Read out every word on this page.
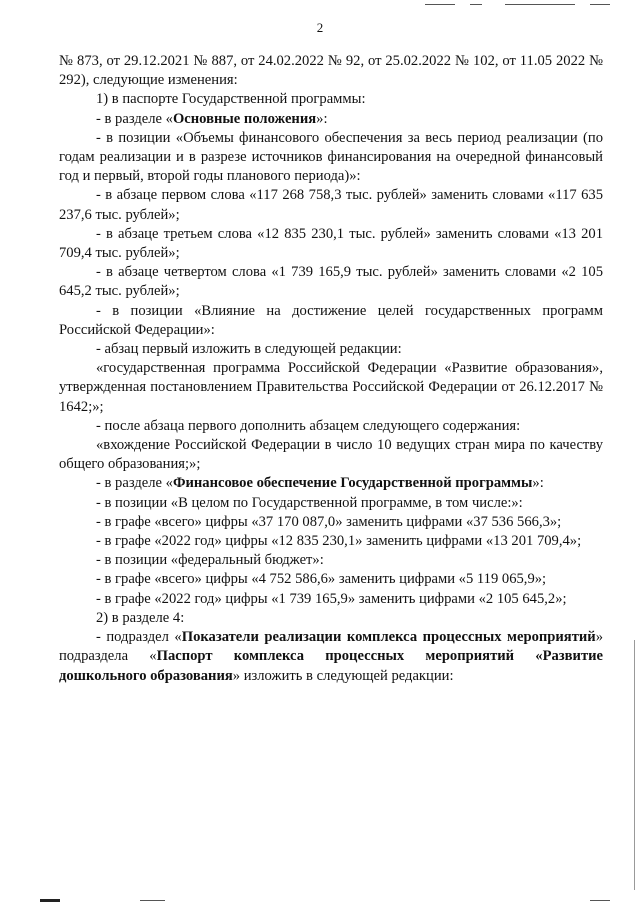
2

№ 873, от 29.12.2021 № 887, от 24.02.2022 № 92, от 25.02.2022 № 102, от 11.05 2022 № 292), следующие изменения:

1) в паспорте Государственной программы:

- в разделе «Основные положения»:

- в позиции «Объемы финансового обеспечения за весь период реализации (по годам реализации и в разрезе источников финансирования на очередной финансовый год и первый, второй годы планового периода)»:

- в абзаце первом слова «117 268 758,3 тыс. рублей» заменить словами «117 635 237,6 тыс. рублей»;

- в абзаце третьем слова «12 835 230,1 тыс. рублей» заменить словами «13 201 709,4 тыс. рублей»;

- в абзаце четвертом слова «1 739 165,9 тыс. рублей» заменить словами «2 105 645,2 тыс. рублей»;

- в позиции «Влияние на достижение целей государственных программ Российской Федерации»:

- абзац первый изложить в следующей редакции:

«государственная программа Российской Федерации «Развитие образования», утвержденная постановлением Правительства Российской Федерации от 26.12.2017 № 1642;»;

- после абзаца первого дополнить абзацем следующего содержания:

«вхождение Российской Федерации в число 10 ведущих стран мира по качеству общего образования;»;

- в разделе «Финансовое обеспечение Государственной программы»:

- в позиции «В целом по Государственной программе, в том числе:»:

- в графе «всего» цифры «37 170 087,0» заменить цифрами «37 536 566,3»;

- в графе «2022 год» цифры «12 835 230,1» заменить цифрами «13 201 709,4»;

- в позиции «федеральный бюджет»:

- в графе «всего» цифры «4 752 586,6» заменить цифрами «5 119 065,9»;

- в графе «2022 год» цифры «1 739 165,9» заменить цифрами «2 105 645,2»;

2) в разделе 4:

- подраздел «Показатели реализации комплекса процессных мероприятий» подраздела «Паспорт комплекса процессных мероприятий «Развитие дошкольного образования» изложить в следующей редакции:
